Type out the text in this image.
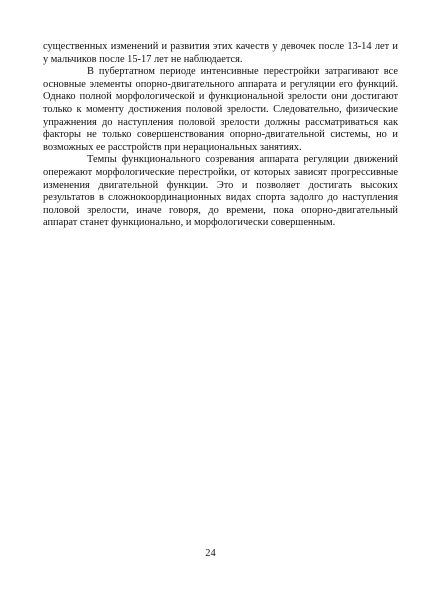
существенных изменений и развития этих качеств у девочек после 13-14 лет и у мальчиков после 15-17 лет не наблюдается.

В пубертатном периоде интенсивные перестройки затрагивают все основные элементы опорно-двигательного аппарата и регуляции его функций. Однако полной морфологической и функциональной зрелости они достигают только к моменту достижения половой зрелости. Следовательно, физические упражнения до наступления половой зрелости должны рассматриваться как факторы не только совершенствования опорно-двигательной системы, но и возможных ее расстройств при нерациональных занятиях.

Темпы функционального созревания аппарата регуляции движений опережают морфологические перестройки, от которых зависят прогрессивные изменения двигательной функции. Это и позволяет достигать высоких результатов в сложнокоординационных видах спорта задолго до наступления половой зрелости, иначе говоря, до времени, пока опорно-двигательный аппарат станет функционально, и морфологически совершенным.

24
